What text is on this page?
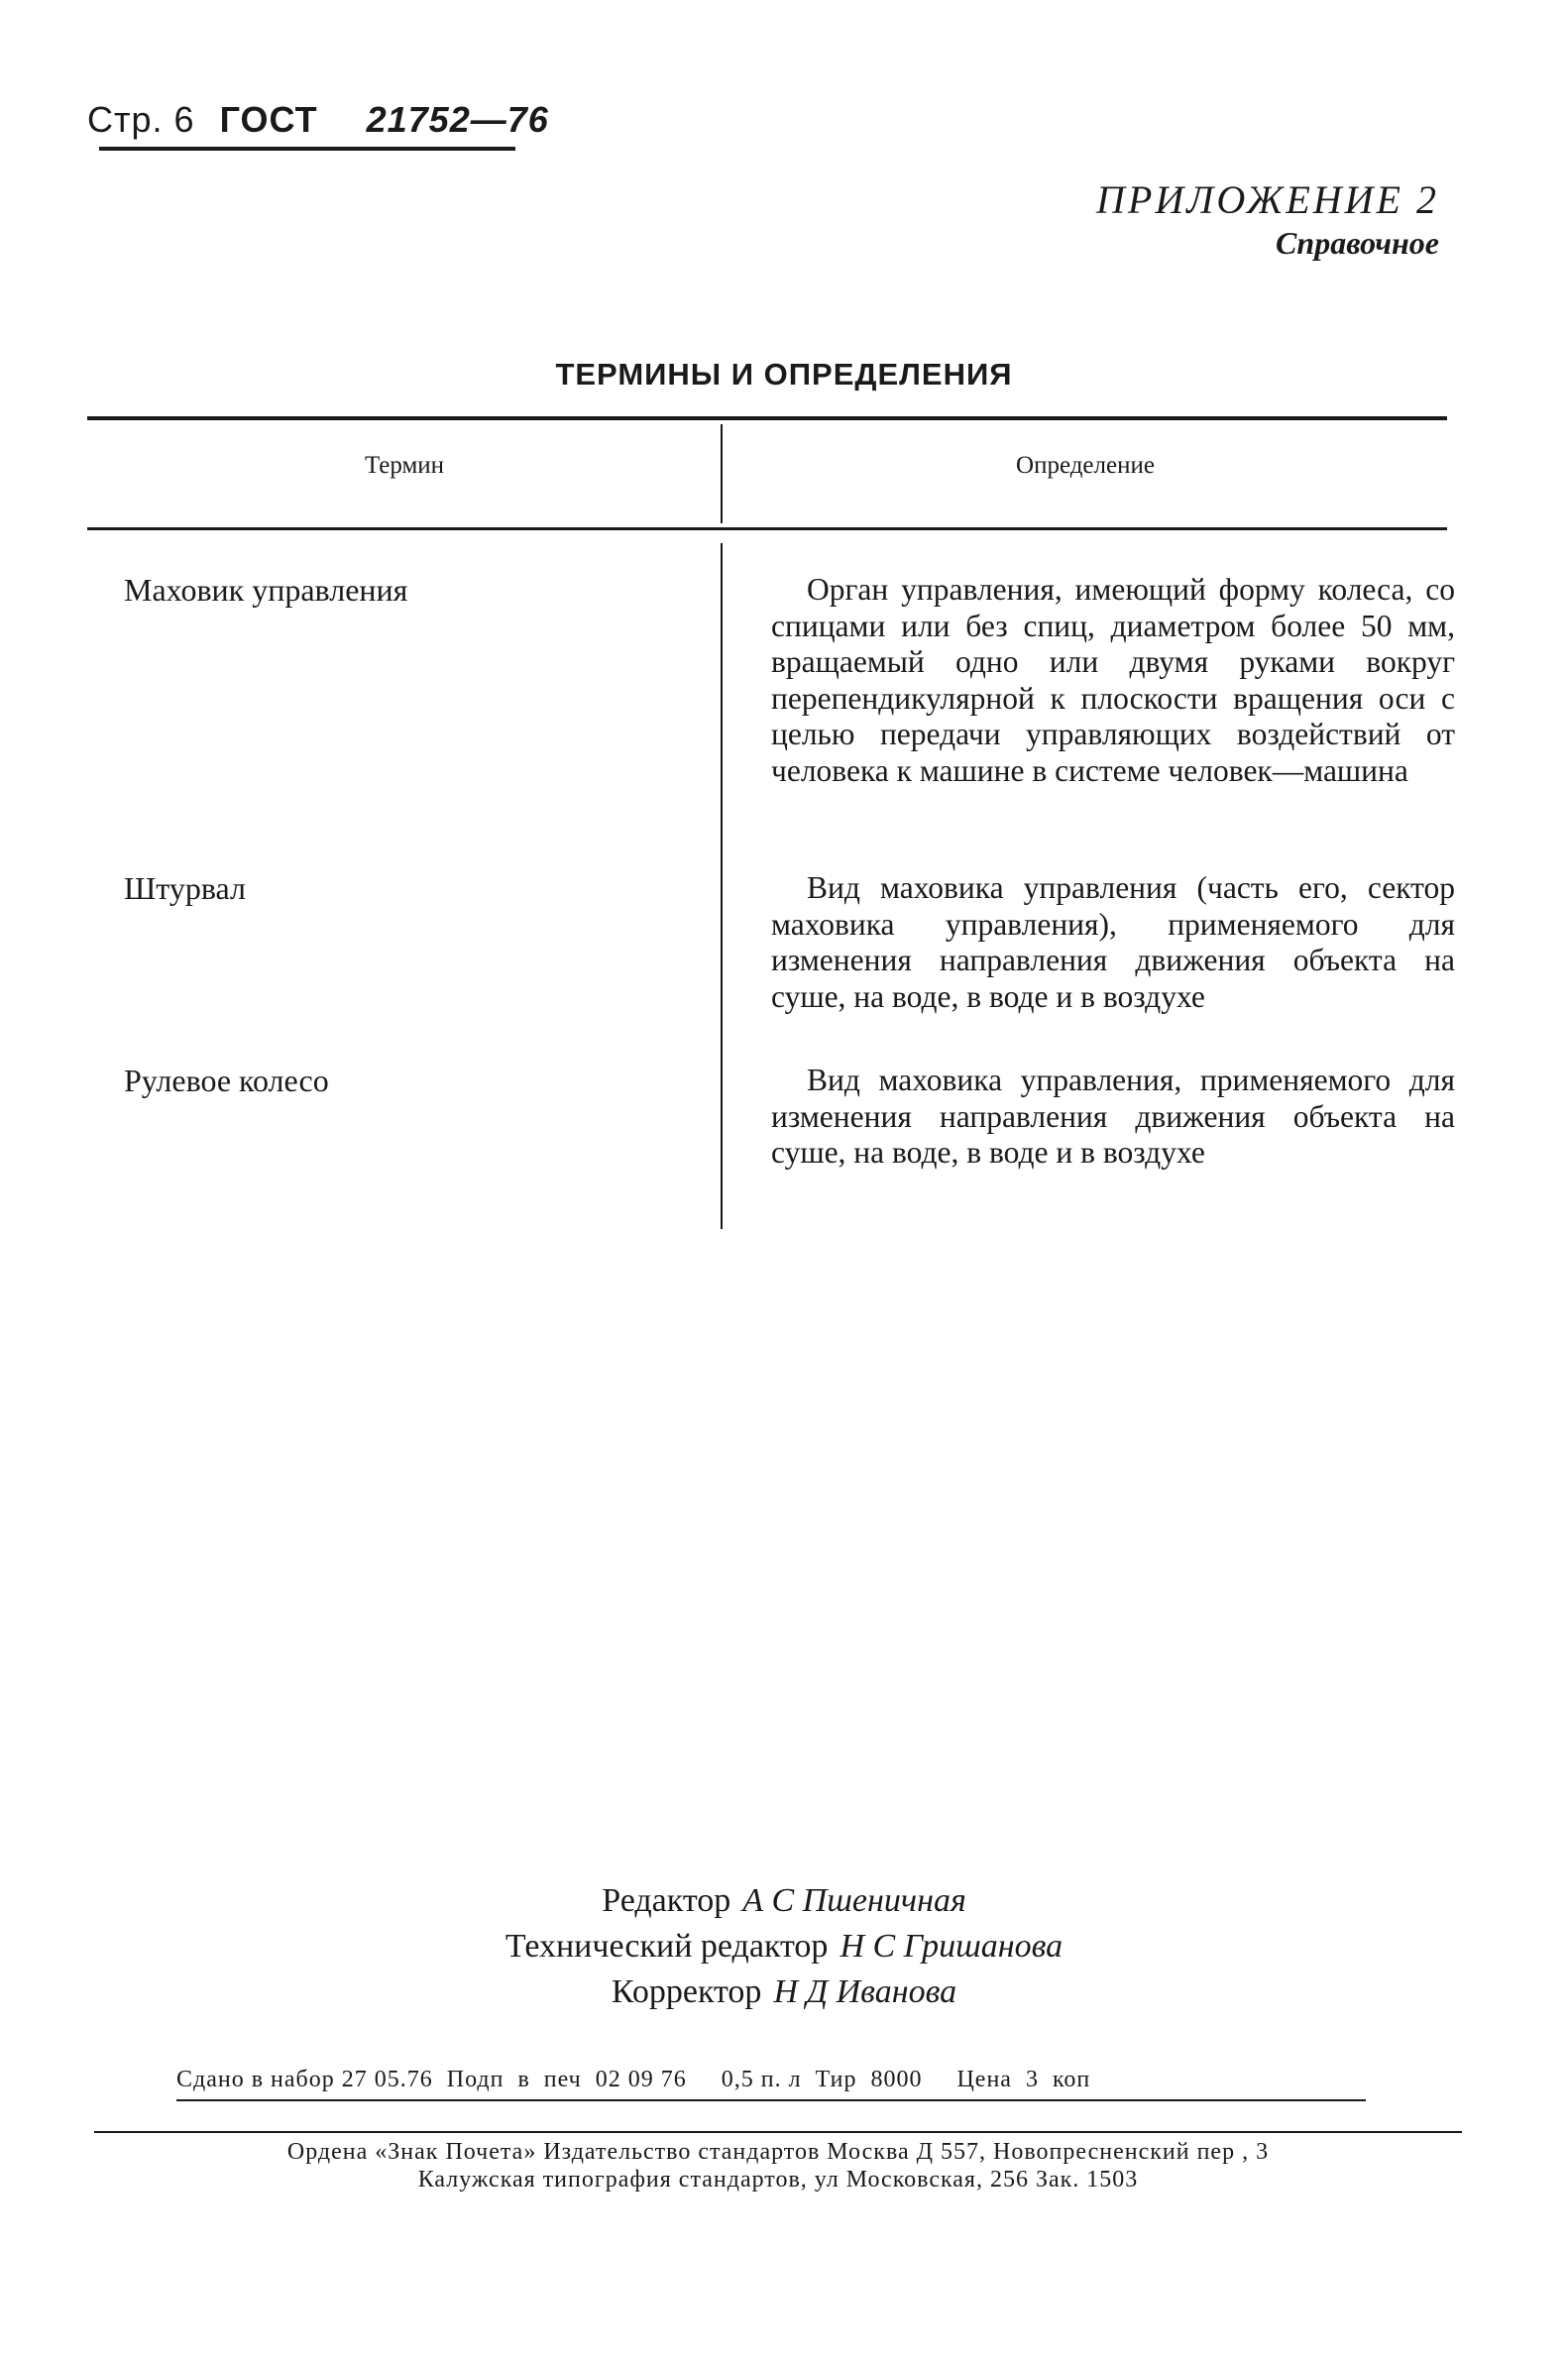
Стр. 6 ГОСТ 21752—76
ПРИЛОЖЕНИЕ 2
Справочное
ТЕРМИНЫ И ОПРЕДЕЛЕНИЯ
Термин	Определение
Маховик управления	Орган управления, имеющий форму колеса, со спицами или без спиц, диаметром более 50 мм, вращаемый одно или двумя руками вокруг перепендикулярной к плоскости вращения оси с целью передачи управляющих воздействий от человека к машине в системе человек—машина
Штурвал	Вид маховика управления (часть его, сектор маховика управления), применяемого для изменения направления движения объекта на суше, на воде, в воде и в воздухе
Рулевое колесо	Вид маховика управления, применяемого для изменения направления движения объекта на суше, на воде, в воде и в воздухе
Редактор А С Пшеничная
Технический редактор Н С Гришанова
Корректор Н Д Иванова
Сдано в набор 27 05.76  Подп  в  печ  02 09 76     0,5 п. л  Тир  8000     Цена  3  коп
Ордена «Знак Почета» Издательство стандартов Москва Д 557, Новопресненский пер , 3
Калужская типография стандартов, ул Московская, 256 Зак. 1503
